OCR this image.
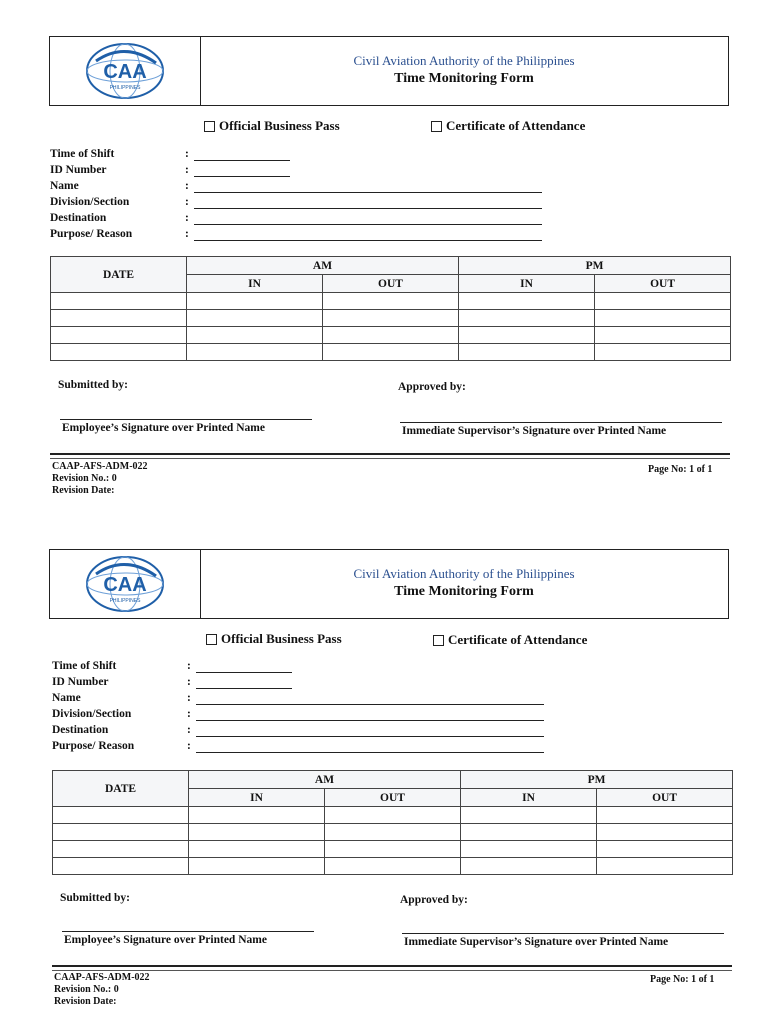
CAA
PHILIPPINES
Civil Aviation Authority of the Philippines
Time Monitoring Form
Official Business Pass	Certificate of Attendance
Time of Shift	:
ID Number	:
Name	:
Division/Section	:
Destination	:
Purpose/ Reason	:
DATE	AM		PM	
	IN	OUT	IN	OUT

Submitted by:	Approved by:
Employee’s Signature over Printed Name	Immediate Supervisor’s Signature over Printed Name
CAAP-AFS-ADM-022
Revision No.: 0
Revision Date:
Page No: 1 of 1
CAA
PHILIPPINES
Civil Aviation Authority of the Philippines
Time Monitoring Form
Official Business Pass	Certificate of Attendance
Time of Shift	:
ID Number	:
Name	:
Division/Section	:
Destination	:
Purpose/ Reason	:
DATE	AM		PM	
	IN	OUT	IN	OUT

Submitted by:	Approved by:
Employee’s Signature over Printed Name	Immediate Supervisor’s Signature over Printed Name
CAAP-AFS-ADM-022
Revision No.: 0
Revision Date:
Page No: 1 of 1
